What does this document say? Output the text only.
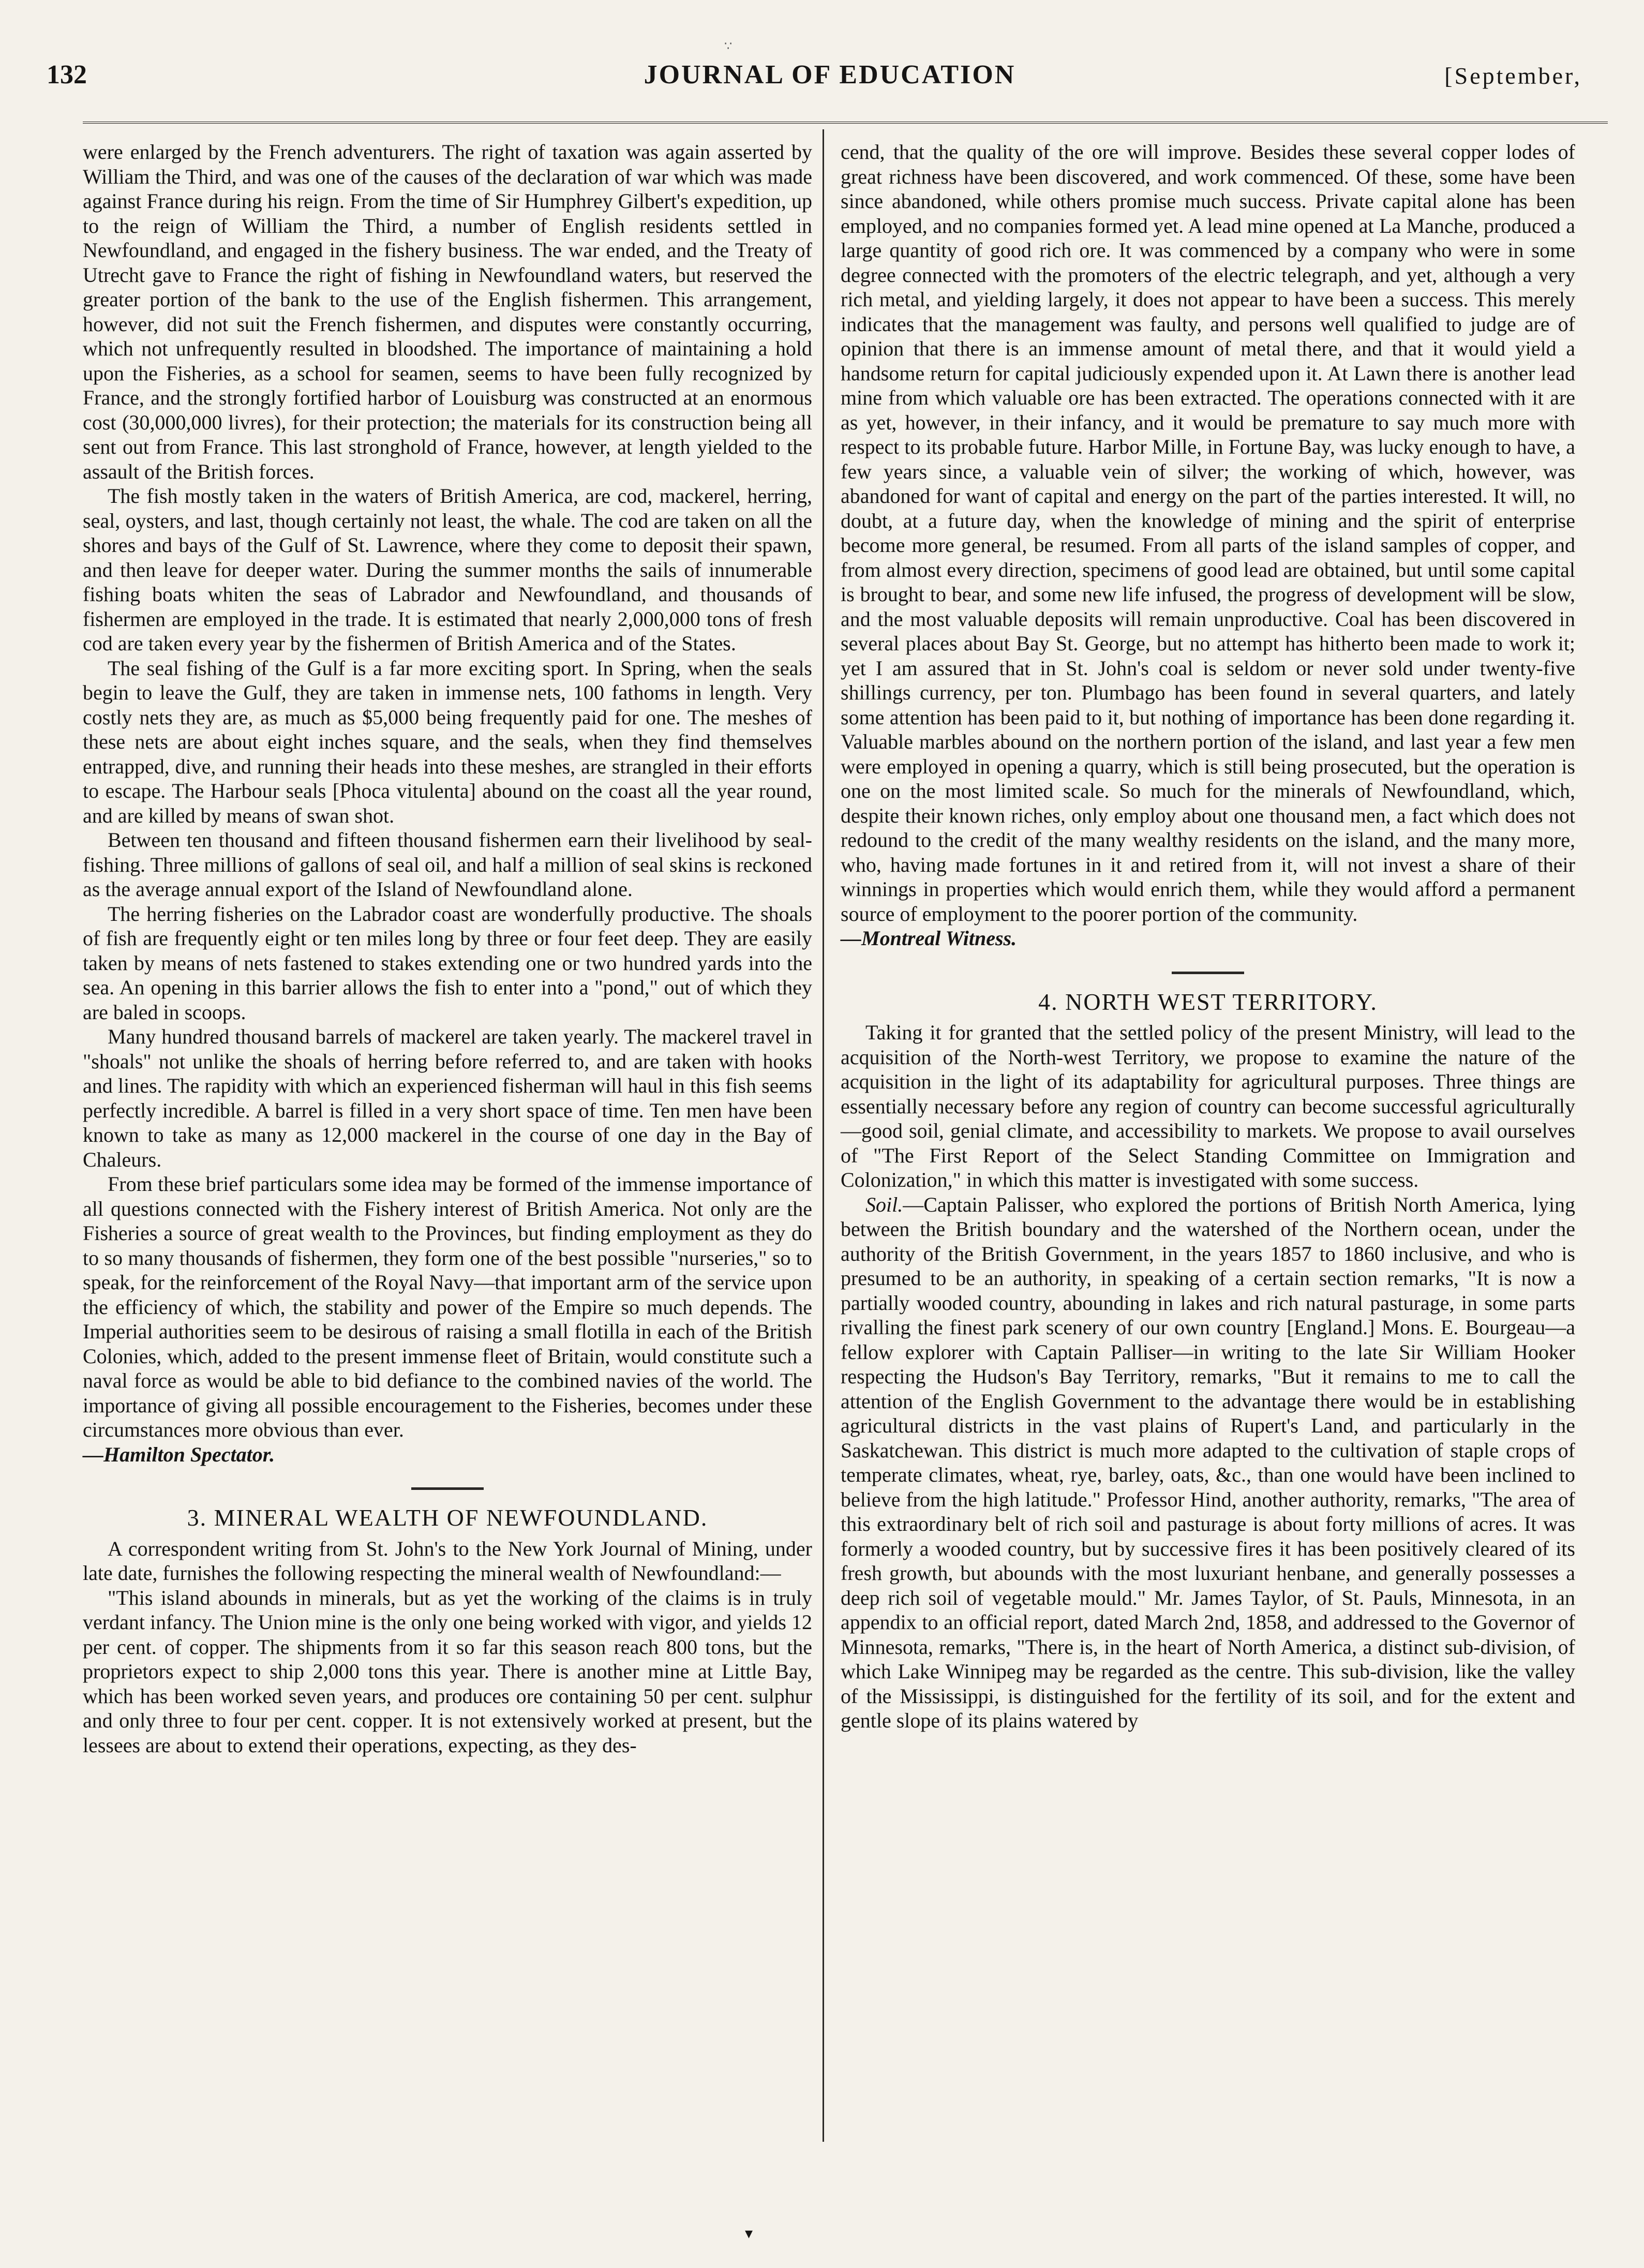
∵
132	JOURNAL OF EDUCATION	[September,

were enlarged by the French adventurers. The right of taxation was again asserted by William the Third, and was one of the causes of the declaration of war which was made against France during his reign. From the time of Sir Humphrey Gilbert's expedition, up to the reign of William the Third, a number of English residents settled in Newfoundland, and engaged in the fishery business. The war ended, and the Treaty of Utrecht gave to France the right of fishing in Newfoundland waters, but reserved the greater portion of the bank to the use of the English fishermen. This arrangement, however, did not suit the French fishermen, and disputes were constantly occurring, which not unfrequently resulted in bloodshed. The importance of maintaining a hold upon the Fisheries, as a school for seamen, seems to have been fully recognized by France, and the strongly fortified harbor of Louisburg was constructed at an enormous cost (30,000,000 livres), for their protection; the materials for its construction being all sent out from France. This last stronghold of France, however, at length yielded to the assault of the British forces.

The fish mostly taken in the waters of British America, are cod, mackerel, herring, seal, oysters, and last, though certainly not least, the whale. The cod are taken on all the shores and bays of the Gulf of St. Lawrence, where they come to deposit their spawn, and then leave for deeper water. During the summer months the sails of innumerable fishing boats whiten the seas of Labrador and Newfoundland, and thousands of fishermen are employed in the trade. It is estimated that nearly 2,000,000 tons of fresh cod are taken every year by the fishermen of British America and of the States.

The seal fishing of the Gulf is a far more exciting sport. In Spring, when the seals begin to leave the Gulf, they are taken in immense nets, 100 fathoms in length. Very costly nets they are, as much as $5,000 being frequently paid for one. The meshes of these nets are about eight inches square, and the seals, when they find themselves entrapped, dive, and running their heads into these meshes, are strangled in their efforts to escape. The Harbour seals [Phoca vitulenta] abound on the coast all the year round, and are killed by means of swan shot.

Between ten thousand and fifteen thousand fishermen earn their livelihood by seal-fishing. Three millions of gallons of seal oil, and half a million of seal skins is reckoned as the average annual export of the Island of Newfoundland alone.

The herring fisheries on the Labrador coast are wonderfully productive. The shoals of fish are frequently eight or ten miles long by three or four feet deep. They are easily taken by means of nets fastened to stakes extending one or two hundred yards into the sea. An opening in this barrier allows the fish to enter into a "pond," out of which they are baled in scoops.

Many hundred thousand barrels of mackerel are taken yearly. The mackerel travel in "shoals" not unlike the shoals of herring before referred to, and are taken with hooks and lines. The rapidity with which an experienced fisherman will haul in this fish seems perfectly incredible. A barrel is filled in a very short space of time. Ten men have been known to take as many as 12,000 mackerel in the course of one day in the Bay of Chaleurs.

From these brief particulars some idea may be formed of the immense importance of all questions connected with the Fishery interest of British America. Not only are the Fisheries a source of great wealth to the Provinces, but finding employment as they do to so many thousands of fishermen, they form one of the best possible "nurseries," so to speak, for the reinforcement of the Royal Navy—that important arm of the service upon the efficiency of which, the stability and power of the Empire so much depends. The Imperial authorities seem to be desirous of raising a small flotilla in each of the British Colonies, which, added to the present immense fleet of Britain, would constitute such a naval force as would be able to bid defiance to the combined navies of the world. The importance of giving all possible encouragement to the Fisheries, becomes under these circumstances more obvious than ever.

—Hamilton Spectator.

3. MINERAL WEALTH OF NEWFOUNDLAND.

A correspondent writing from St. John's to the New York Journal of Mining, under late date, furnishes the following respecting the mineral wealth of Newfoundland:—

"This island abounds in minerals, but as yet the working of the claims is in truly verdant infancy. The Union mine is the only one being worked with vigor, and yields 12 per cent. of copper. The shipments from it so far this season reach 800 tons, but the proprietors expect to ship 2,000 tons this year. There is another mine at Little Bay, which has been worked seven years, and produces ore containing 50 per cent. sulphur and only three to four per cent. copper. It is not extensively worked at present, but the lessees are about to extend their operations, expecting, as they des-

cend, that the quality of the ore will improve. Besides these several copper lodes of great richness have been discovered, and work commenced. Of these, some have been since abandoned, while others promise much success. Private capital alone has been employed, and no companies formed yet. A lead mine opened at La Manche, produced a large quantity of good rich ore. It was commenced by a company who were in some degree connected with the promoters of the electric telegraph, and yet, although a very rich metal, and yielding largely, it does not appear to have been a success. This merely indicates that the management was faulty, and persons well qualified to judge are of opinion that there is an immense amount of metal there, and that it would yield a handsome return for capital judiciously expended upon it. At Lawn there is another lead mine from which valuable ore has been extracted. The operations connected with it are as yet, however, in their infancy, and it would be premature to say much more with respect to its probable future. Harbor Mille, in Fortune Bay, was lucky enough to have, a few years since, a valuable vein of silver; the working of which, however, was abandoned for want of capital and energy on the part of the parties interested. It will, no doubt, at a future day, when the knowledge of mining and the spirit of enterprise become more general, be resumed. From all parts of the island samples of copper, and from almost every direction, specimens of good lead are obtained, but until some capital is brought to bear, and some new life infused, the progress of development will be slow, and the most valuable deposits will remain unproductive. Coal has been discovered in several places about Bay St. George, but no attempt has hitherto been made to work it; yet I am assured that in St. John's coal is seldom or never sold under twenty-five shillings currency, per ton. Plumbago has been found in several quarters, and lately some attention has been paid to it, but nothing of importance has been done regarding it. Valuable marbles abound on the northern portion of the island, and last year a few men were employed in opening a quarry, which is still being prosecuted, but the operation is one on the most limited scale. So much for the minerals of Newfoundland, which, despite their known riches, only employ about one thousand men, a fact which does not redound to the credit of the many wealthy residents on the island, and the many more, who, having made fortunes in it and retired from it, will not invest a share of their winnings in properties which would enrich them, while they would afford a permanent source of employment to the poorer portion of the community.

—Montreal Witness.

4. NORTH WEST TERRITORY.

Taking it for granted that the settled policy of the present Ministry, will lead to the acquisition of the North-west Territory, we propose to examine the nature of the acquisition in the light of its adaptability for agricultural purposes. Three things are essentially necessary before any region of country can become successful agriculturally—good soil, genial climate, and accessibility to markets. We propose to avail ourselves of "The First Report of the Select Standing Committee on Immigration and Colonization," in which this matter is investigated with some success.

Soil.—Captain Palisser, who explored the portions of British North America, lying between the British boundary and the watershed of the Northern ocean, under the authority of the British Government, in the years 1857 to 1860 inclusive, and who is presumed to be an authority, in speaking of a certain section remarks, "It is now a partially wooded country, abounding in lakes and rich natural pasturage, in some parts rivalling the finest park scenery of our own country [England.] Mons. E. Bourgeau—a fellow explorer with Captain Palliser—in writing to the late Sir William Hooker respecting the Hudson's Bay Territory, remarks, "But it remains to me to call the attention of the English Government to the advantage there would be in establishing agricultural districts in the vast plains of Rupert's Land, and particularly in the Saskatchewan. This district is much more adapted to the cultivation of staple crops of temperate climates, wheat, rye, barley, oats, &c., than one would have been inclined to believe from the high latitude." Professor Hind, another authority, remarks, "The area of this extraordinary belt of rich soil and pasturage is about forty millions of acres. It was formerly a wooded country, but by successive fires it has been positively cleared of its fresh growth, but abounds with the most luxuriant henbane, and generally possesses a deep rich soil of vegetable mould." Mr. James Taylor, of St. Pauls, Minnesota, in an appendix to an official report, dated March 2nd, 1858, and addressed to the Governor of Minnesota, remarks, "There is, in the heart of North America, a distinct sub-division, of which Lake Winnipeg may be regarded as the centre. This sub-division, like the valley of the Mississippi, is distinguished for the fertility of its soil, and for the extent and gentle slope of its plains watered by

▾
